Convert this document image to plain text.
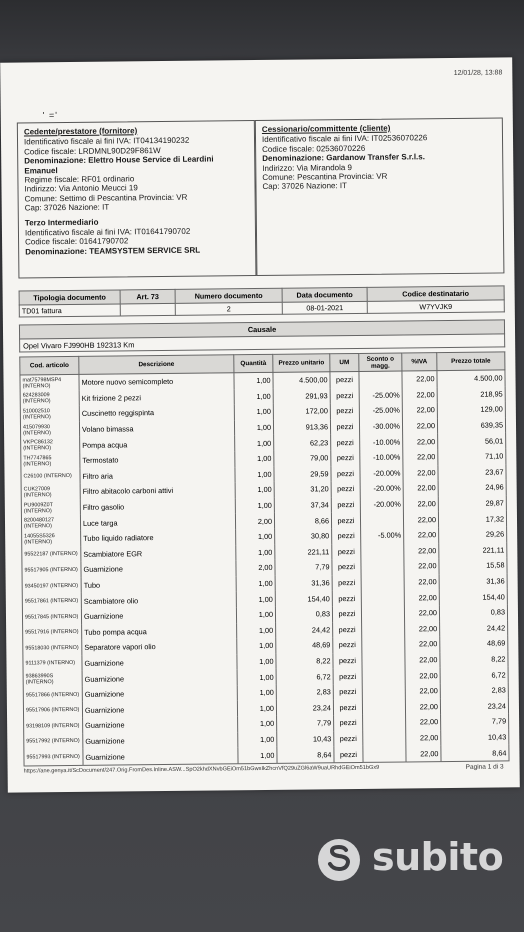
12/01/28, 13:88
' ='
Cedente/prestatore (fornitore)
Identificativo fiscale ai fini IVA: IT04134190232
Codice fiscale: LRDMNL90D29F861W
Denominazione: Elettro House Service di Leardini Emanuel
Regime fiscale: RF01 ordinario
Indirizzo: Via Antonio Meucci 19
Comune: Settimo di Pescantina Provincia: VR
Cap: 37026 Nazione: IT
Terzo Intermediario
Identificativo fiscale ai fini IVA: IT01641790702
Codice fiscale: 01641790702
Denominazione: TEAMSYSTEM SERVICE SRL
Cessionario/committente (cliente)
Identificativo fiscale ai fini IVA: IT02536070226
Codice fiscale: 02536070226
Denominazione: Gardanow Transfer S.r.l.s.
Indirizzo: Via Mirandola 9
Comune: Pescantina Provincia: VR
Cap: 37026 Nazione: IT
Tipologia documento	Art. 73	Numero documento	Data documento	Codice destinatario
TD01 fattura		2	08-01-2021	W7YVJK9
Causale
Opel Vivaro FJ990HB 192313 Km
Cod. articolo	Descrizione	Quantità	Prezzo unitario	UM	Sconto o magg.	%IVA	Prezzo totale
mat75798MSP4 (INTERNO)	Motore nuovo semicompleto	1,00	4.500,00	pezzi		22,00	4.500,00
624283009 (INTERNO)	Kit frizione 2 pezzi	1,00	291,93	pezzi	-25.00%	22,00	218,95
510002510 (INTERNO)	Cuscinetto reggispinta	1,00	172,00	pezzi	-25.00%	22,00	129,00
415079930 (INTERNO)	Volano bimassa	1,00	913,36	pezzi	-30.00%	22,00	639,35
VKPC86132 (INTERNO)	Pompa acqua	1,00	62,23	pezzi	-10.00%	22,00	56,01
TH7747865 (INTERNO)	Termostato	1,00	79,00	pezzi	-10.00%	22,00	71,10
C26100 (INTERNO)	Filtro aria	1,00	29,59	pezzi	-20.00%	22,00	23,67
CUK27009 (INTERNO)	Filtro abitacolo carboni attivi	1,00	31,20	pezzi	-20.00%	22,00	24,96
PU9009Z0T (INTERNO)	Filtro gasolio	1,00	37,34	pezzi	-20.00%	22,00	29,87
8200480127 (INTERNO)	Luce targa	2,00	8,66	pezzi		22,00	17,32
14055S5326 (INTERNO)	Tubo liquido radiatore	1,00	30,80	pezzi	-5.00%	22,00	29,26
95522187 (INTERNO)	Scambiatore EGR	1,00	221,11	pezzi		22,00	221,11
95517905 (INTERNO)	Guarnizione	2,00	7,79	pezzi		22,00	15,58
93450197 (INTERNO)	Tubo	1,00	31,36	pezzi		22,00	31,36
95517861 (INTERNO)	Scambiatore olio	1,00	154,40	pezzi		22,00	154,40
95517845 (INTERNO)	Guarnizione	1,00	0,83	pezzi		22,00	0,83
95517916 (INTERNO)	Tubo pompa acqua	1,00	24,42	pezzi		22,00	24,42
95518030 (INTERNO)	Separatore vapori olio	1,00	48,69	pezzi		22,00	48,69
9111379 (INTERNO)	Guarnizione	1,00	8,22	pezzi		22,00	8,22
93863990S (INTERNO)	Guarnizione	1,00	6,72	pezzi		22,00	6,72
95517866 (INTERNO)	Guarnizione	1,00	2,83	pezzi		22,00	2,83
95517906 (INTERNO)	Guarnizione	1,00	23,24	pezzi		22,00	23,24
93198109 (INTERNO)	Guarnizione	1,00	7,79	pezzi		22,00	7,79
95517992 (INTERNO)	Guarnizione	1,00	10,43	pezzi		22,00	10,43
95517993 (INTERNO)	Guarnizione	1,00	8,64	pezzi		22,00	8,64
https://ane.genya.it/ScDocument/247.Orig.FromDes.Inline.ASW...SpO2khdXNvbGEiOm51bGwsIkZhcnVfQ29uZGl6aW9uaURhdGEiOm51bGx9	Pagina 1 di 3
subito
